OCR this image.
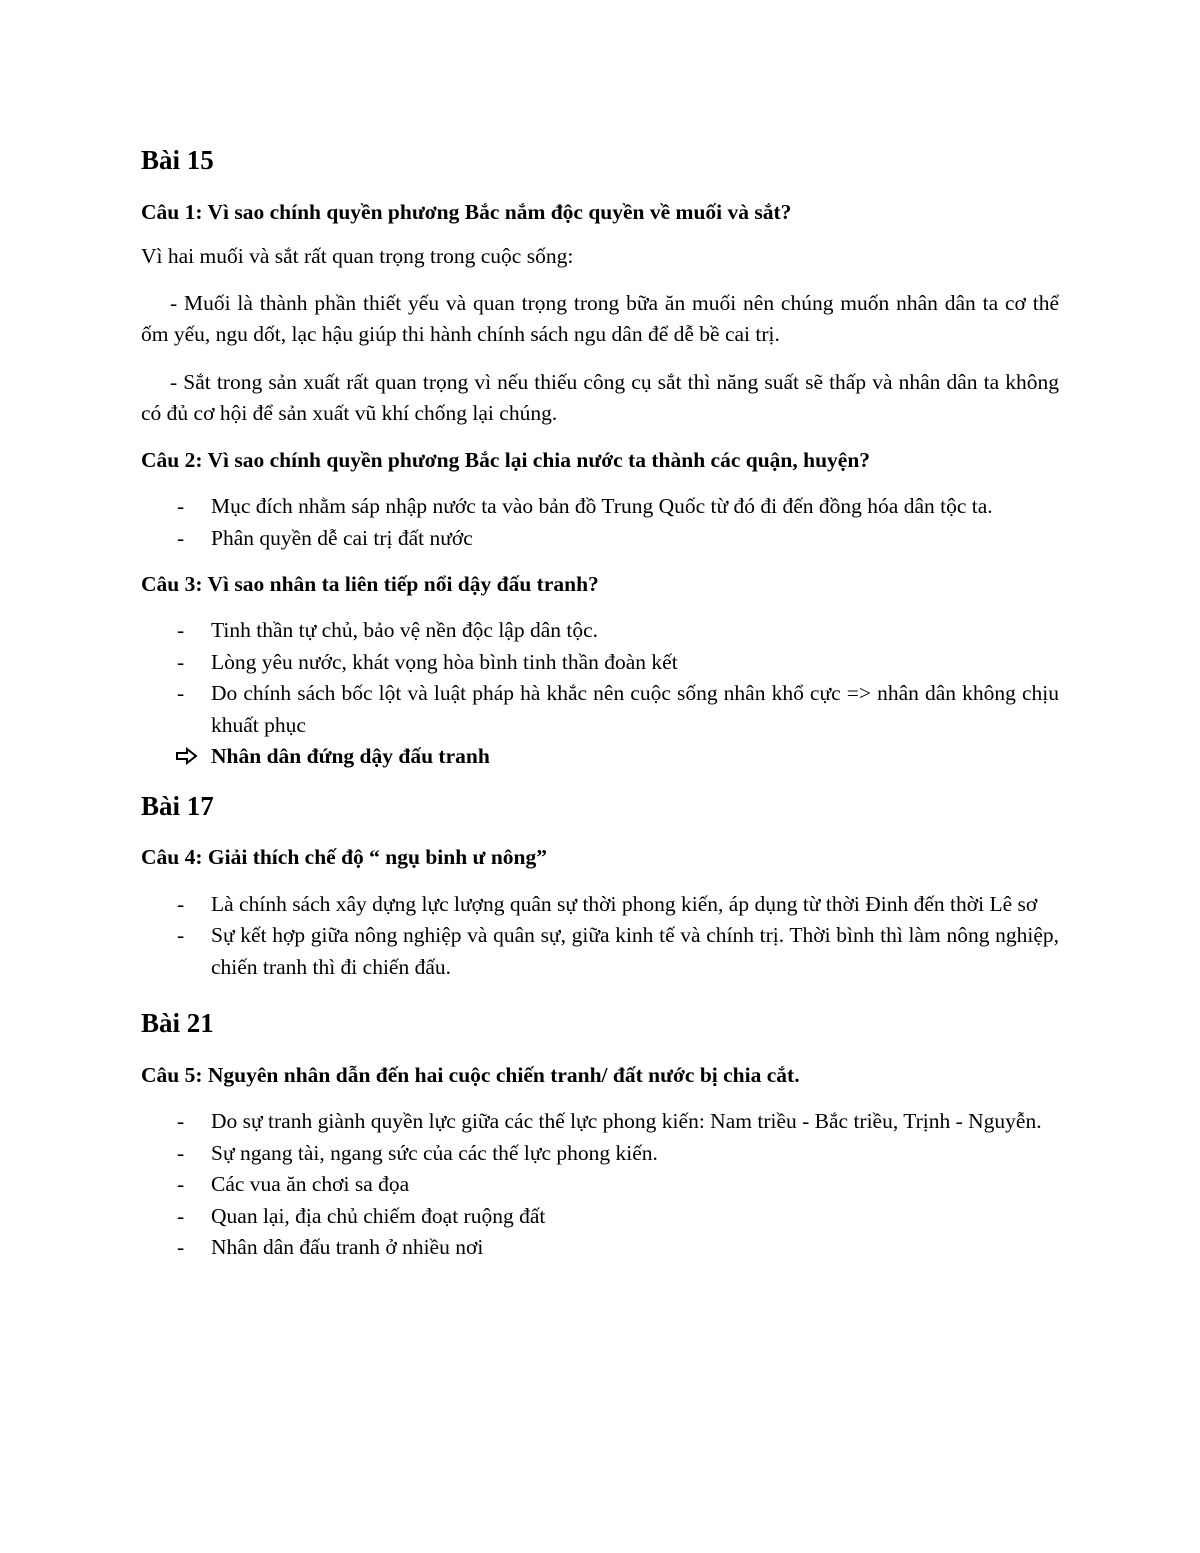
Bài 15

Câu 1: Vì sao chính quyền phương Bắc nắm độc quyền về muối và sắt?

Vì hai muối và sắt rất quan trọng trong cuộc sống:

- Muối là thành phần thiết yếu và quan trọng trong bữa ăn muối nên chúng muốn nhân dân ta cơ thể ốm yếu, ngu dốt, lạc hậu giúp thi hành chính sách ngu dân để dễ bề cai trị.

- Sắt trong sản xuất rất quan trọng vì nếu thiếu công cụ sắt thì năng suất sẽ thấp và nhân dân ta không có đủ cơ hội để sản xuất vũ khí chống lại chúng.

Câu 2: Vì sao chính quyền phương Bắc lại chia nước ta thành các quận, huyện?

- Mục đích nhằm sáp nhập nước ta vào bản đồ Trung Quốc từ đó đi đến đồng hóa dân tộc ta.
- Phân quyền dễ cai trị đất nước

Câu 3: Vì sao nhân ta liên tiếp nổi dậy đấu tranh?

- Tinh thần tự chủ, bảo vệ nền độc lập dân tộc.
- Lòng yêu nước, khát vọng hòa bình tinh thần đoàn kết
- Do chính sách bốc lột và luật pháp hà khắc nên cuộc sống nhân khổ cực => nhân dân không chịu khuất phục
Nhân dân đứng dậy đấu tranh
Bài 17

Câu 4: Giải thích chế độ “ ngụ binh ư nông”

- Là chính sách xây dựng lực lượng quân sự thời phong kiến, áp dụng từ thời Đinh đến thời Lê sơ
- Sự kết hợp giữa nông nghiệp và quân sự, giữa kinh tế và chính trị. Thời bình thì làm nông nghiệp, chiến tranh thì đi chiến đấu.
Bài 21

Câu 5: Nguyên nhân dẫn đến hai cuộc chiến tranh/ đất nước bị chia cắt.

- Do sự tranh giành quyền lực giữa các thế lực phong kiến: Nam triều - Bắc triều, Trịnh - Nguyễn.
- Sự ngang tài, ngang sức của các thế lực phong kiến.
- Các vua ăn chơi sa đọa
- Quan lại, địa chủ chiếm đoạt ruộng đất
- Nhân dân đấu tranh ở nhiều nơi
